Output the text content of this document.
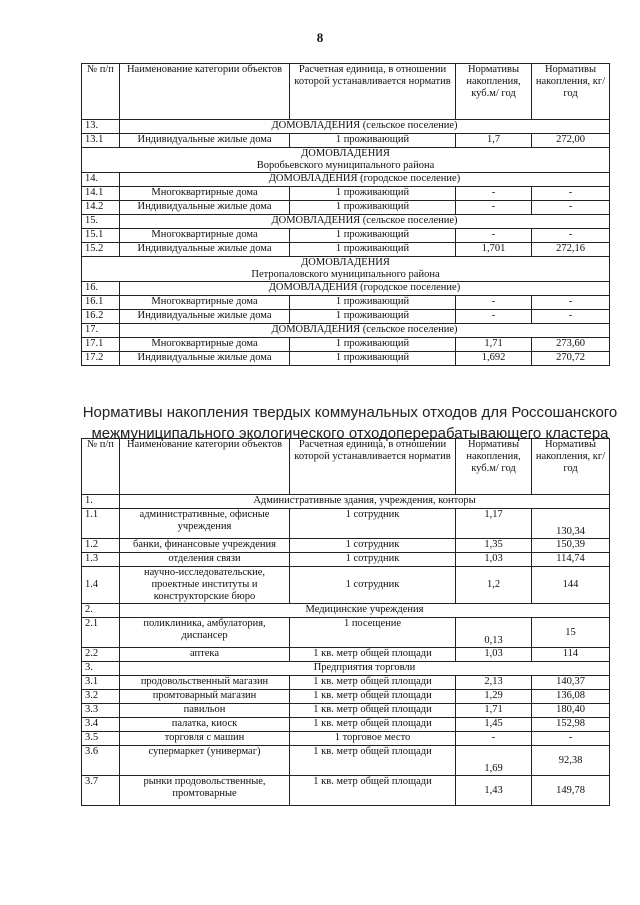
8
№ п/п	Наименование категории объектов	Расчетная единица, в отношении которой устанавливается норматив	Нормативы накопления, куб.м/ год	Нормативы накопления, кг/ год
13.	ДОМОВЛАДЕНИЯ (сельское поселение)			
13.1	Индивидуальные жилые дома	1 проживающий	1,7	272,00

ДОМОВЛАДЕНИЯ
Воробьевского муниципального района				

14.	ДОМОВЛАДЕНИЯ (городское поселение)			
14.1	Многоквартирные дома	1 проживающий	-	-
14.2	Индивидуальные жилые дома	1 проживающий	-	-
15.	ДОМОВЛАДЕНИЯ (сельское поселение)			
15.1	Многоквартирные дома	1 проживающий	-	-
15.2	Индивидуальные жилые дома	1 проживающий	1,701	272,16

ДОМОВЛАДЕНИЯ
Петропаловского муниципального района				

16.	ДОМОВЛАДЕНИЯ (городское поселение)			
16.1	Многоквартирные дома	1 проживающий	-	-
16.2	Индивидуальные жилые дома	1 проживающий	-	-
17.	ДОМОВЛАДЕНИЯ (сельское поселение)			
17.1	Многоквартирные дома	1 проживающий	1,71	273,60
17.2	Индивидуальные жилые дома	1 проживающий	1,692	270,72
Нормативы накопления твердых коммунальных отходов для Россошанского
межмуниципального экологического отходоперерабатывающего кластера
№ п/п	Наименование категории объектов	Расчетная единица, в отношении которой устанавливается норматив	Нормативы накопления, куб.м/ год	Нормативы накопления, кг/ год
1.	Административные здания, учреждения, конторы			
1.1	административные, офисные учреждения	1 сотрудник	1,17	130,34
1.2	банки, финансовые учреждения	1 сотрудник	1,35	150,39
1.3	отделения связи	1 сотрудник	1,03	114,74
1.4	научно-исследовательские, проектные институты и конструкторские бюро	1 сотрудник	1,2	144
2.	Медицинские учреждения			
2.1	поликлиника, амбулатория, диспансер	1 посещение	0,13	15
2.2	аптека	1 кв. метр общей площади	1,03	114
3.	Предприятия торговли			
3.1	продовольственный магазин	1 кв. метр общей площади	2,13	140,37
3.2	промтоварный магазин	1 кв. метр общей площади	1,29	136,08
3.3	павильон	1 кв. метр общей площади	1,71	180,40
3.4	палатка, киоск	1 кв. метр общей площади	1,45	152,98
3.5	торговля с машин	1 торговое место	-	-
3.6	супермаркет (универмаг)	1 кв. метр общей площади	1,69	92,38
3.7	рынки продовольственные, промтоварные	1 кв. метр общей площади	1,43	149,78
